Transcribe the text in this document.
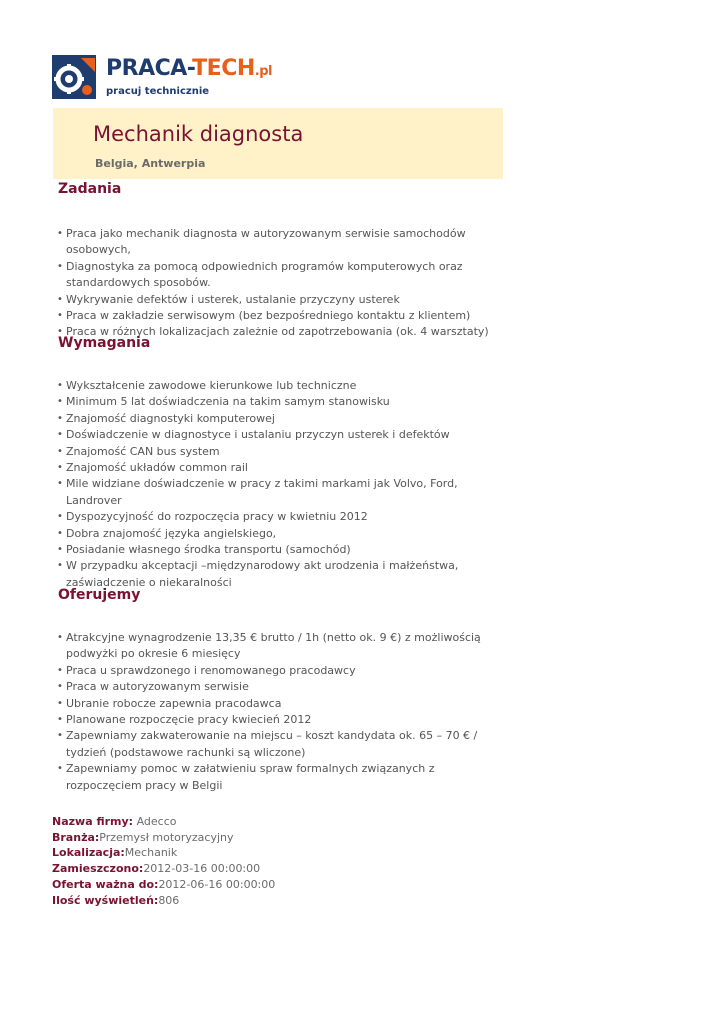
PRACA-TECH.pl
pracuj technicznie
Mechanik diagnosta
Belgia, Antwerpia
Zadania
• Praca jako mechanik diagnosta w autoryzowanym serwisie samochodów osobowych,
• Diagnostyka za pomocą odpowiednich programów komputerowych oraz standardowych sposobów.
• Wykrywanie defektów i usterek, ustalanie przyczyny usterek
• Praca w zakładzie serwisowym (bez bezpośredniego kontaktu z klientem)
• Praca w różnych lokalizacjach zależnie od zapotrzebowania (ok. 4 warsztaty)
Wymagania
• Wykształcenie zawodowe kierunkowe lub techniczne
• Minimum 5 lat doświadczenia na takim samym stanowisku
• Znajomość diagnostyki komputerowej
• Doświadczenie w diagnostyce i ustalaniu przyczyn usterek i defektów
• Znajomość CAN bus system
• Znajomość układów common rail
• Mile widziane doświadczenie w pracy z takimi markami jak Volvo, Ford, Landrover
• Dyspozycyjność do rozpoczęcia pracy w kwietniu 2012
• Dobra znajomość języka angielskiego,
• Posiadanie własnego środka transportu (samochód)
• W przypadku akceptacji –międzynarodowy akt urodzenia i małżeństwa, zaświadczenie o niekaralności
Oferujemy
• Atrakcyjne wynagrodzenie 13,35 € brutto / 1h (netto ok. 9 €) z możliwością podwyżki po okresie 6 miesięcy
• Praca u sprawdzonego i renomowanego pracodawcy
• Praca w autoryzowanym serwisie
• Ubranie robocze zapewnia pracodawca
• Planowane rozpoczęcie pracy kwiecień 2012
• Zapewniamy zakwaterowanie na miejscu – koszt kandydata ok. 65 – 70 € / tydzień (podstawowe rachunki są wliczone)
• Zapewniamy pomoc w załatwieniu spraw formalnych związanych z rozpoczęciem pracy w Belgii
Nazwa firmy: Adecco
Branża:Przemysł motoryzacyjny
Lokalizacja:Mechanik
Zamieszczono:2012-03-16 00:00:00
Oferta ważna do:2012-06-16 00:00:00
Ilość wyświetleń:806
